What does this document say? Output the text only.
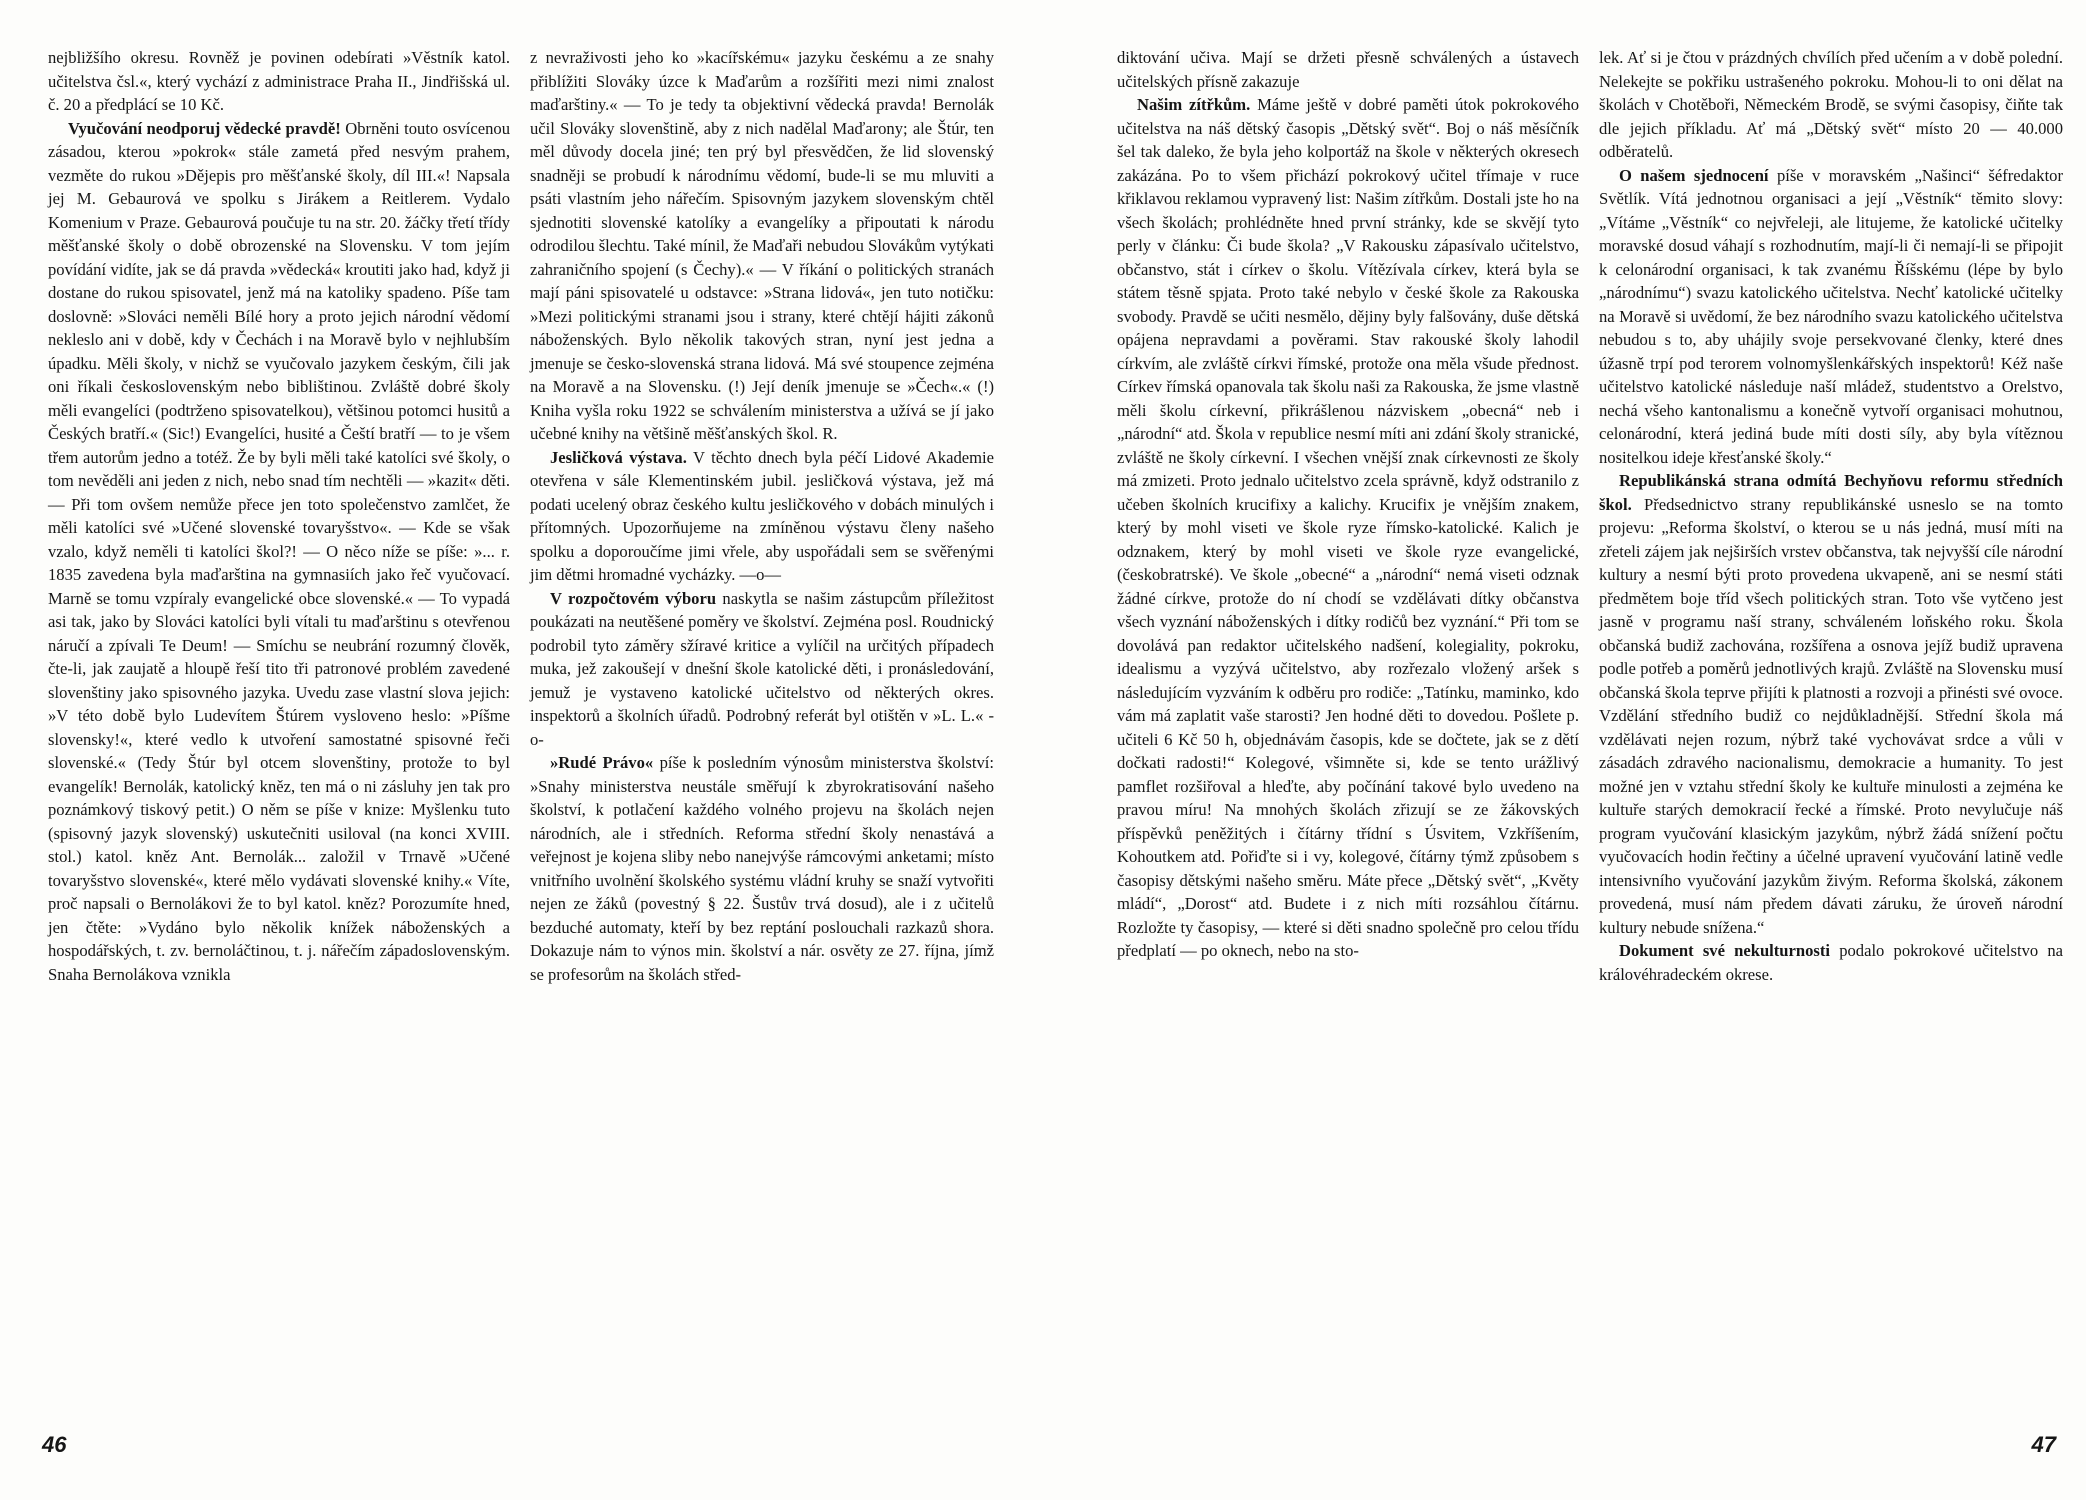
nejbližšího okresu. Rovněž je povinen odebírati »Věstník katol. učitelstva čsl.«, který vychází z administrace Praha II., Jindřišská ul. č. 20 a předplácí se 10 Kč.

Vyučování neodporuj vědecké pravdě! Obrněni touto osvícenou zásadou, kterou »pokrok« stále zametá před nesvým prahem, vezměte do rukou »Dějepis pro měšťanské školy, díl III.«! Napsala jej M. Gebaurová ve spolku s Jirákem a Reitlerem. Vydalo Komenium v Praze. Gebaurová poučuje tu na str. 20. žáčky třetí třídy měšťanské školy o době obrozenské na Slovensku. V tom jejím povídání vidíte, jak se dá pravda »vědecká« kroutiti jako had, když ji dostane do rukou spisovatel, jenž má na katoliky spadeno. Píše tam doslovně: »Slováci neměli Bílé hory a proto jejich národní vědomí nekleslo ani v době, kdy v Čechách i na Moravě bylo v nejhlubším úpadku. Měli školy, v nichž se vyučovalo jazykem českým, čili jak oni říkali československým nebo biblištinou. Zvláště dobré školy měli evangelíci (podtrženo spisovatelkou), většinou potomci husitů a Českých bratří.« (Sic!) Evangelíci, husité a Čeští bratří — to je všem třem autorům jedno a totéž. Že by byli měli také katolíci své školy, o tom nevěděli ani jeden z nich, nebo snad tím nechtěli — »kazit« děti. — Při tom ovšem nemůže přece jen toto společenstvo zamlčet, že měli katolíci své »Učené slovenské tovaryšstvo«. — Kde se však vzalo, když neměli ti katolíci škol?! — O něco níže se píše: »... r. 1835 zavedena byla maďarština na gymnasiích jako řeč vyučovací. Marně se tomu vzpíraly evangelické obce slovenské.« — To vypadá asi tak, jako by Slováci katolíci byli vítali tu maďarštinu s otevřenou náručí a zpívali Te Deum! — Smíchu se neubrání rozumný člověk, čte-li, jak zaujatě a hloupě řeší tito tři patronové problém zavedené slovenštiny jako spisovného jazyka. Uvedu zase vlastní slova jejich: »V této době bylo Ludevítem Štúrem vysloveno heslo: »Píšme slovensky!«, které vedlo k utvoření samostatné spisovné řeči slovenské.« (Tedy Štúr byl otcem slovenštiny, protože to byl evangelík! Bernolák, katolický kněz, ten má o ni zásluhy jen tak pro poznámkový tiskový petit.) O něm se píše v knize: Myšlenku tuto (spisovný jazyk slovenský) uskutečniti usiloval (na konci XVIII. stol.) katol. kněz Ant. Bernolák... založil v Trnavě »Učené tovaryšstvo slovenské«, které mělo vydávati slovenské knihy.« Víte, proč napsali o Bernolákovi že to byl katol. kněz? Porozumíte hned, jen čtěte: »Vydáno bylo několik knížek náboženských a hospodářských, t. zv. bernoláčtinou, t. j. nářečím západoslovenským. Snaha Bernolákova vznikla

z nevraživosti jeho ko »kacířskému« jazyku českému a ze snahy přiblížiti Slováky úzce k Maďarům a rozšířiti mezi nimi znalost maďarštiny.« — To je tedy ta objektivní vědecká pravda! Bernolák učil Slováky slovenštině, aby z nich nadělal Maďarony; ale Štúr, ten měl důvody docela jiné; ten prý byl přesvědčen, že lid slovenský snadněji se probudí k národnímu vědomí, bude-li se mu mluviti a psáti vlastním jeho nářečím. Spisovným jazykem slovenským chtěl sjednotiti slovenské katolíky a evangelíky a připoutati k národu odrodilou šlechtu. Také mínil, že Maďaři nebudou Slovákům vytýkati zahraničního spojení (s Čechy).« — V říkání o politických stranách mají páni spisovatelé u odstavce: »Strana lidová«, jen tuto notičku: »Mezi politickými stranami jsou i strany, které chtějí hájiti zákonů náboženských. Bylo několik takových stran, nyní jest jedna a jmenuje se česko-slovenská strana lidová. Má své stoupence zejména na Moravě a na Slovensku. (!) Její deník jmenuje se »Čech«.« (!) Kniha vyšla roku 1922 se schválením ministerstva a užívá se jí jako učebné knihy na většině měšťanských škol. R.

Jesličková výstava. V těchto dnech byla péčí Lidové Akademie otevřena v sále Klementinském jubil. jesličková výstava, jež má podati ucelený obraz českého kultu jesličkového v dobách minulých i přítomných. Upozorňujeme na zmíněnou výstavu členy našeho spolku a doporoučíme jimi vřele, aby uspořádali sem se svěřenými jim dětmi hromadné vycházky. —o—

V rozpočtovém výboru naskytla se našim zástupcům příležitost poukázati na neutěšené poměry ve školství. Zejména posl. Roudnický podrobil tyto záměry sžíravé kritice a vylíčil na určitých případech muka, jež zakoušejí v dnešní škole katolické děti, i pronásledování, jemuž je vystaveno katolické učitelstvo od některých okres. inspektorů a školních úřadů. Podrobný referát byl otištěn v »L. L.« -o-

»Rudé Právo« píše k posledním výnosům ministerstva školství: »Snahy ministerstva neustále směřují k zbyrokratisování našeho školství, k potlačení každého volného projevu na školách nejen národních, ale i středních. Reforma střední školy nenastává a veřejnost je kojena sliby nebo nanejvýše rámcovými anketami; místo vnitřního uvolnění školského systému vládní kruhy se snaží vytvořiti nejen ze žáků (povestný § 22. Šustův trvá dosud), ale i z učitelů bezduché automaty, kteří by bez reptání poslouchali razkazů shora. Dokazuje nám to výnos min. školství a nár. osvěty ze 27. října, jímž se profesorům na školách střed-

46

diktování učiva. Mají se držeti přesně schválených a ústavech učitelských přísně zakazuje

Našim zítřkům. Máme ještě v dobré paměti útok pokrokového učitelstva na náš dětský časopis „Dětský svět“. Boj o náš měsíčník šel tak daleko, že byla jeho kolportáž na škole v některých okresech zakázána. Po to všem přichází pokrokový učitel třímaje v ruce křiklavou reklamou vypravený list: Našim zítřkům. Dostali jste ho na všech školách; prohlédněte hned první stránky, kde se skvějí tyto perly v článku: Či bude škola? „V Rakousku zápasívalo učitelstvo, občanstvo, stát i církev o školu. Vítězívala církev, která byla se státem těsně spjata. Proto také nebylo v české škole za Rakouska svobody. Pravdě se učiti nesmělo, dějiny byly falšovány, duše dětská opájena nepravdami a pověrami. Stav rakouské školy lahodil církvím, ale zvláště církvi římské, protože ona měla všude přednost. Církev římská opanovala tak školu naši za Rakouska, že jsme vlastně měli školu církevní, přikrášlenou názviskem „obecná“ neb i „národní“ atd. Škola v republice nesmí míti ani zdání školy stranické, zvláště ne školy církevní. I všechen vnější znak církevnosti ze školy má zmizeti. Proto jednalo učitelstvo zcela správně, když odstranilo z učeben školních krucifixy a kalichy. Krucifix je vnějším znakem, který by mohl viseti ve škole ryze římsko-katolické. Kalich je odznakem, který by mohl viseti ve škole ryze evangelické, (českobratrské). Ve škole „obecné“ a „národní“ nemá viseti odznak žádné církve, protože do ní chodí se vzdělávati dítky občanstva všech vyznání náboženských i dítky rodičů bez vyznání.“ Při tom se dovolává pan redaktor učitelského nadšení, kolegiality, pokroku, idealismu a vyzývá učitelstvo, aby rozřezalo vložený aršek s následujícím vyzváním k odběru pro rodiče: „Tatínku, maminko, kdo vám má zaplatit vaše starosti? Jen hodné děti to dovedou. Pošlete p. učiteli 6 Kč 50 h, objednávám časopis, kde se dočtete, jak se z dětí dočkati radosti!“ Kolegové, všimněte si, kde se tento urážlivý pamflet rozšiřoval a hleďte, aby počínání takové bylo uvedeno na pravou míru! Na mnohých školách zřizují se ze žákovských příspěvků peněžitých i čítárny třídní s Úsvitem, Vzkříšením, Kohoutkem atd. Pořiďte si i vy, kolegové, čítárny týmž způsobem s časopisy dětskými našeho směru. Máte přece „Dětský svět“, „Květy mládí“, „Dorost“ atd. Budete i z nich míti rozsáhlou čítárnu. Rozložte ty časopisy, — které si děti snadno společně pro celou třídu předplatí — po oknech, nebo na sto-

lek. Ať si je čtou v prázdných chvílích před učením a v době polední. Nelekejte se pokřiku ustrašeného pokroku. Mohou-li to oni dělat na školách v Chotěboři, Německém Brodě, se svými časopisy, čiňte tak dle jejich příkladu. Ať má „Dětský svět“ místo 20 — 40.000 odběratelů.

O našem sjednocení píše v moravském „Našinci“ šéfredaktor Světlík. Vítá jednotnou organisaci a její „Věstník“ těmito slovy: „Vítáme „Věstník“ co nejvřeleji, ale litujeme, že katolické učitelky moravské dosud váhají s rozhodnutím, mají-li či nemají-li se připojit k celonárodní organisaci, k tak zvanému Říšskému (lépe by bylo „národnímu“) svazu katolického učitelstva. Nechť katolické učitelky na Moravě si uvědomí, že bez národního svazu katolického učitelstva nebudou s to, aby uhájily svoje persekvované členky, které dnes úžasně trpí pod terorem volnomyšlenkářských inspektorů! Kéž naše učitelstvo katolické následuje naší mládež, studentstvo a Orelstvo, nechá všeho kantonalismu a konečně vytvoří organisaci mohutnou, celonárodní, která jediná bude míti dosti síly, aby byla vítěznou nositelkou ideje křesťanské školy.“

Republikánská strana odmítá Bechyňovu reformu středních škol. Předsednictvo strany republikánské usneslo se na tomto projevu: „Reforma školství, o kterou se u nás jedná, musí míti na zřeteli zájem jak nejširších vrstev občanstva, tak nejvyšší cíle národní kultury a nesmí býti proto provedena ukvapeně, ani se nesmí státi předmětem boje tříd všech politických stran. Toto vše vytčeno jest jasně v programu naší strany, schváleném loňského roku. Škola občanská budiž zachována, rozšířena a osnova jejíž budiž upravena podle potřeb a poměrů jednotlivých krajů. Zvláště na Slovensku musí občanská škola teprve přijíti k platnosti a rozvoji a přinésti své ovoce. Vzdělání středního budiž co nejdůkladnější. Střední škola má vzdělávati nejen rozum, nýbrž také vychovávat srdce a vůli v zásadách zdravého nacionalismu, demokracie a humanity. To jest možné jen v vztahu střední školy ke kultuře minulosti a zejména ke kultuře starých demokracií řecké a římské. Proto nevylučuje náš program vyučování klasickým jazykům, nýbrž žádá snížení počtu vyučovacích hodin řečtiny a účelné upravení vyučování latině vedle intensivního vyučování jazykům živým. Reforma školská, zákonem provedená, musí nám předem dávati záruku, že úroveň národní kultury nebude snížena.“

Dokument své nekulturnosti podalo pokrokové učitelstvo na královéhradeckém okrese.

47
